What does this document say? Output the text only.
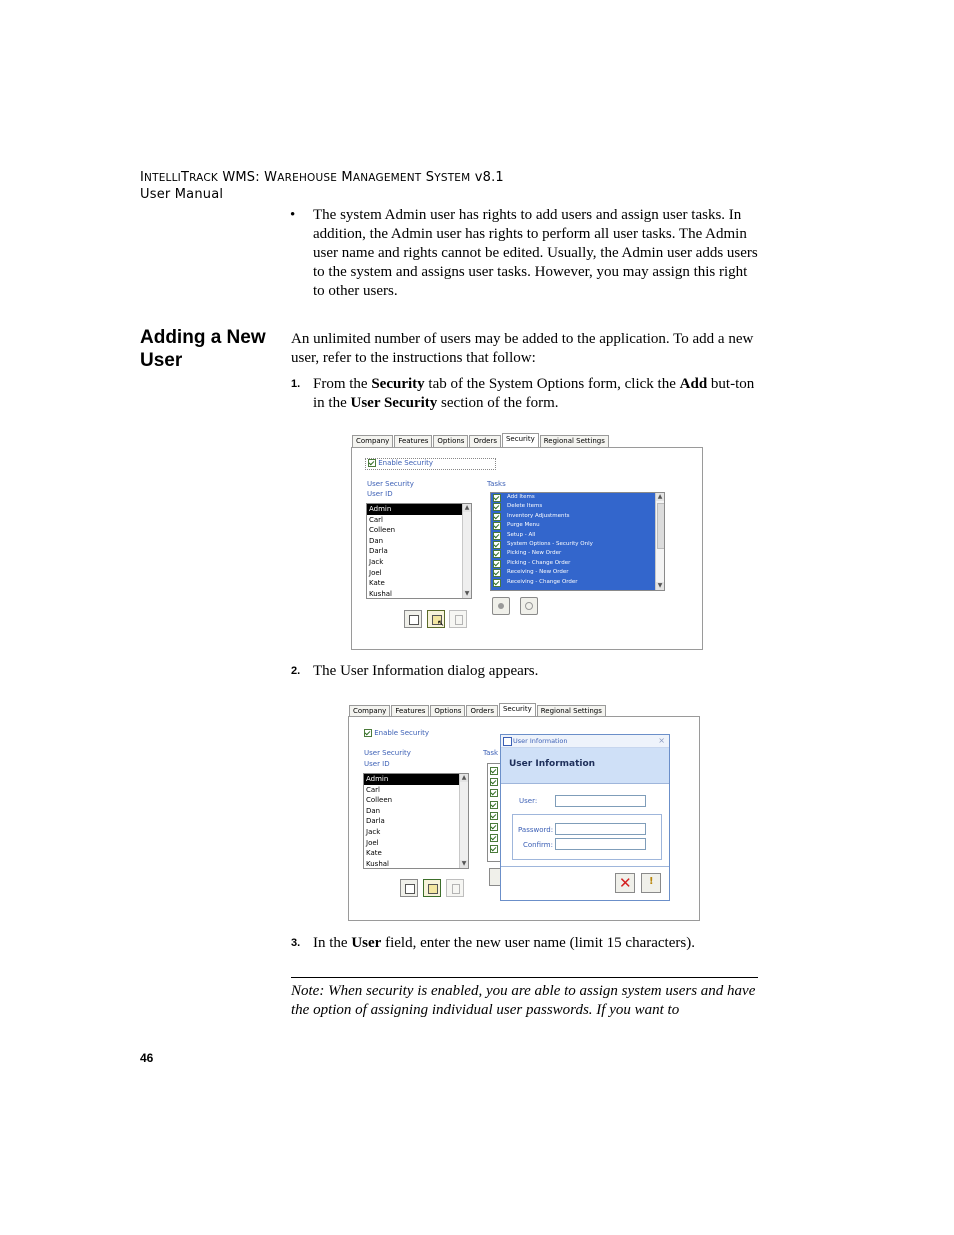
INTELLITRACK WMS: WAREHOUSE MANAGEMENT SYSTEM v8.1
User Manual
• The system Admin user has rights to add users and assign user tasks. In addition, the Admin user has rights to perform all user tasks. The Admin user name and rights cannot be edited. Usually, the Admin user adds users to the system and assigns user tasks. However, you may assign this right to other users.
Adding a New User
An unlimited number of users may be added to the application. To add a new user, refer to the instructions that follow:
1. From the Security tab of the System Options form, click the Add but-ton in the User Security section of the form.
Company	Features	Options	Orders	Security	Regional Settings
Enable Security
User Security
User ID
Tasks
Admin
Carl
Colleen
Dan
Darla
Jack
Joel
Kate
Kushal
▲
▼
Add Items
Delete Items
Inventory Adjustments
Purge Menu
Setup - All
System Options - Security Only
Picking - New Order
Picking - Change Order
Receiving - New Order
Receiving - Change Order
▲
▼
↖
2. The User Information dialog appears.
Company	Features	Options	Orders	Security	Regional Settings
Enable Security
User Security
User ID
Task
Admin
Carl
Colleen
Dan
Darla
Jack
Joel
Kate
Kushal
▲
▼

User Information	×
User Information
User:
Password:
Confirm:
✕ !
3. In the User field, enter the new user name (limit 15 characters).
Note: When security is enabled, you are able to assign system users and have the option of assigning individual user passwords. If you want to
46
